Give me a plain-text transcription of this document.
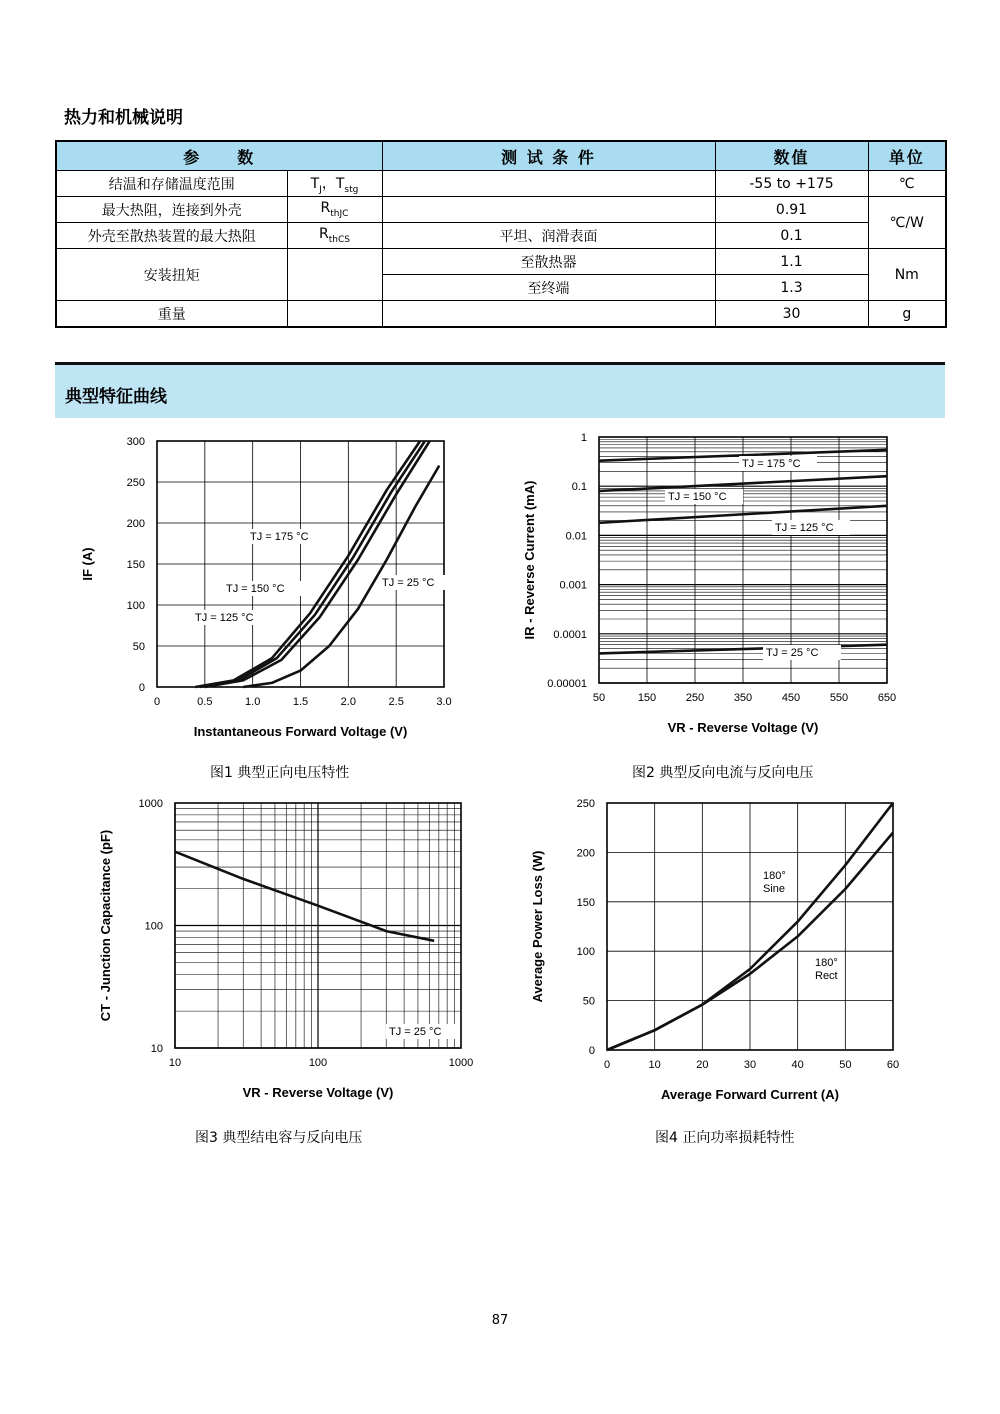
热力和机械说明
参　　数		测 试 条 件	数值	单位
结温和存储温度范围	$T_J$，$T_{stg}$		-55 to +175	℃
最大热阻，连接到外壳	$R_{thJC}$		0.91	℃/W
外壳至散热装置的最大热阻	$R_{thCS}$	平坦、润滑表面	0.1	
安装扭矩		至散热器	1.1	Nm
		至终端	1.3	
重量			30	g
典型特征曲线
0	0.5	1.0	1.5	2.0	2.5	3.0
0
50
100
150
200
250
300
Instantaneous Forward Voltage (V)
IF (A)
TJ = 175 °C
TJ = 150 °C
TJ = 125 °C
TJ = 25 °C
50	150	250	350	450	550	650
0.00001
0.0001
0.001
0.01
0.1
1
VR - Reverse Voltage (V)
IR - Reverse Current (mA)
TJ = 175 °C
TJ = 150 °C
TJ = 125 °C
TJ = 25 °C
10	100	1000
10
100
1000
VR - Reverse Voltage (V)
CT - Junction Capacitance (pF)
TJ = 25 °C
0	10	20	30	40	50	60
0
50
100
150
200
250
Average Forward Current (A)
Average Power Loss (W)	180°
Sine
180°
Rect
图1 典型正向电压特性	图2 典型反向电流与反向电压
图3 典型结电容与反向电压	图4 正向功率损耗特性
87
